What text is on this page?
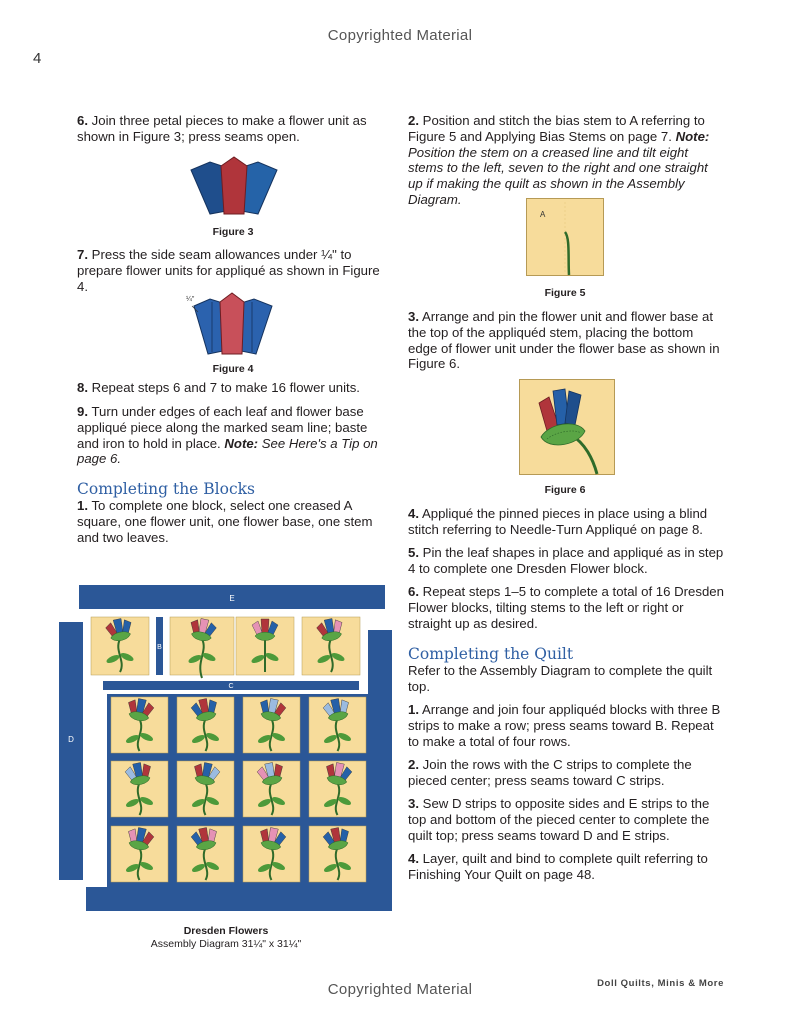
Copyrighted Material
4

6. Join three petal pieces to make a flower unit as shown in Figure 3; press seams open.

Figure 3

7. Press the side seam allowances under ¼" to prepare flower units for appliqué as shown in Figure 4.

¼"
Figure 4

8. Repeat steps 6 and 7 to make 16 flower units.

9. Turn under edges of each leaf and flower base appliqué piece along the marked seam line; baste and iron to hold in place. Note: See Here's a Tip on page 6.

Completing the Blocks

1. To complete one block, select one creased A square, one flower unit, one flower base, one stem and two leaves.

E
B
C
D
Dresden Flowers
Assembly Diagram 31¼" x 31¼"

2. Position and stitch the bias stem to A referring to Figure 5 and Applying Bias Stems on page 7. Note: Position the stem on a creased line and tilt eight stems to the left, seven to the right and one straight up if making the quilt as shown in the Assembly Diagram.

A
Figure 5

3. Arrange and pin the flower unit and flower base at the top of the appliquéd stem, placing the bottom edge of flower unit under the flower base as shown in Figure 6.

Figure 6

4. Appliqué the pinned pieces in place using a blind stitch referring to Needle-Turn Appliqué on page 8.

5. Pin the leaf shapes in place and appliqué as in step 4 to complete one Dresden Flower block.

6. Repeat steps 1–5 to complete a total of 16 Dresden Flower blocks, tilting stems to the left or right or straight up as desired.

Completing the Quilt

Refer to the Assembly Diagram to complete the quilt top.

1. Arrange and join four appliquéd blocks with three B strips to make a row; press seams toward B. Repeat to make a total of four rows.

2. Join the rows with the C strips to complete the pieced center; press seams toward C strips.

3. Sew D strips to opposite sides and E strips to the top and bottom of the pieced center to complete the quilt top; press seams toward D and E strips.

4. Layer, quilt and bind to complete quilt referring to Finishing Your Quilt on page 48.

Doll Quilts, Minis & More
Copyrighted Material
